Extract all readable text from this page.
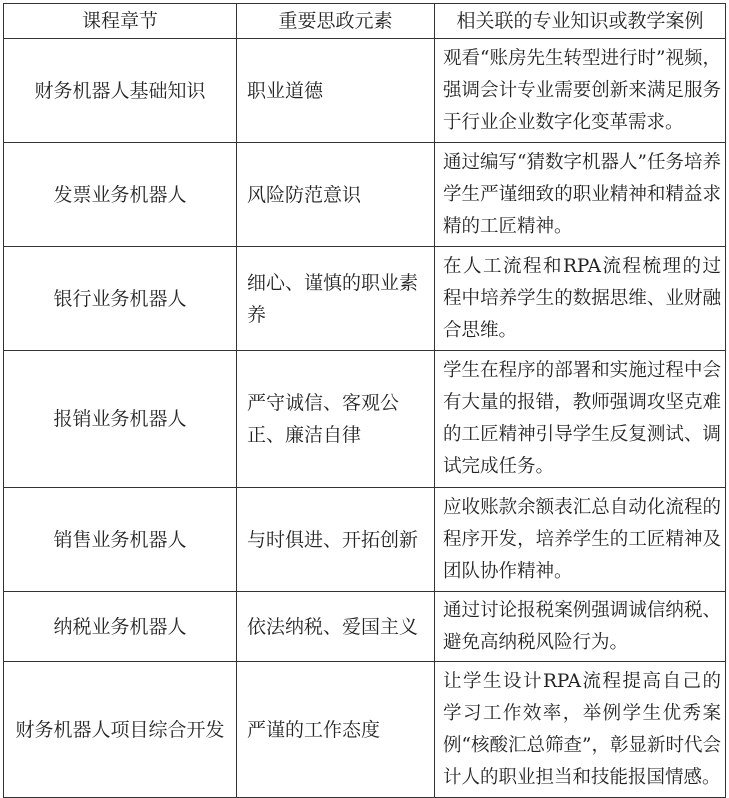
课程章节	重要思政元素	相关联的专业知识或教学案例
财务机器人基础知识	职业道德	观看“账房先生转型进行时”视频，强调会计专业需要创新来满足服务于行业企业数字化变革需求。
发票业务机器人	风险防范意识	通过编写“猜数字机器人”任务培养学生严谨细致的职业精神和精益求精的工匠精神。
银行业务机器人	细心、谨慎的职业素养	在人工流程和RPA流程梳理的过程中培养学生的数据思维、业财融合思维。
报销业务机器人	严守诚信、客观公正、廉洁自律	学生在程序的部署和实施过程中会有大量的报错，教师强调攻坚克难的工匠精神引导学生反复测试、调试完成任务。
销售业务机器人	与时俱进、开拓创新	应收账款余额表汇总自动化流程的程序开发，培养学生的工匠精神及团队协作精神。
纳税业务机器人	依法纳税、爱国主义	通过讨论报税案例强调诚信纳税、避免高纳税风险行为。
财务机器人项目综合开发	严谨的工作态度	让学生设计RPA流程提高自己的学习工作效率，举例学生优秀案例“核酸汇总筛查”，彰显新时代会计人的职业担当和技能报国情感。
